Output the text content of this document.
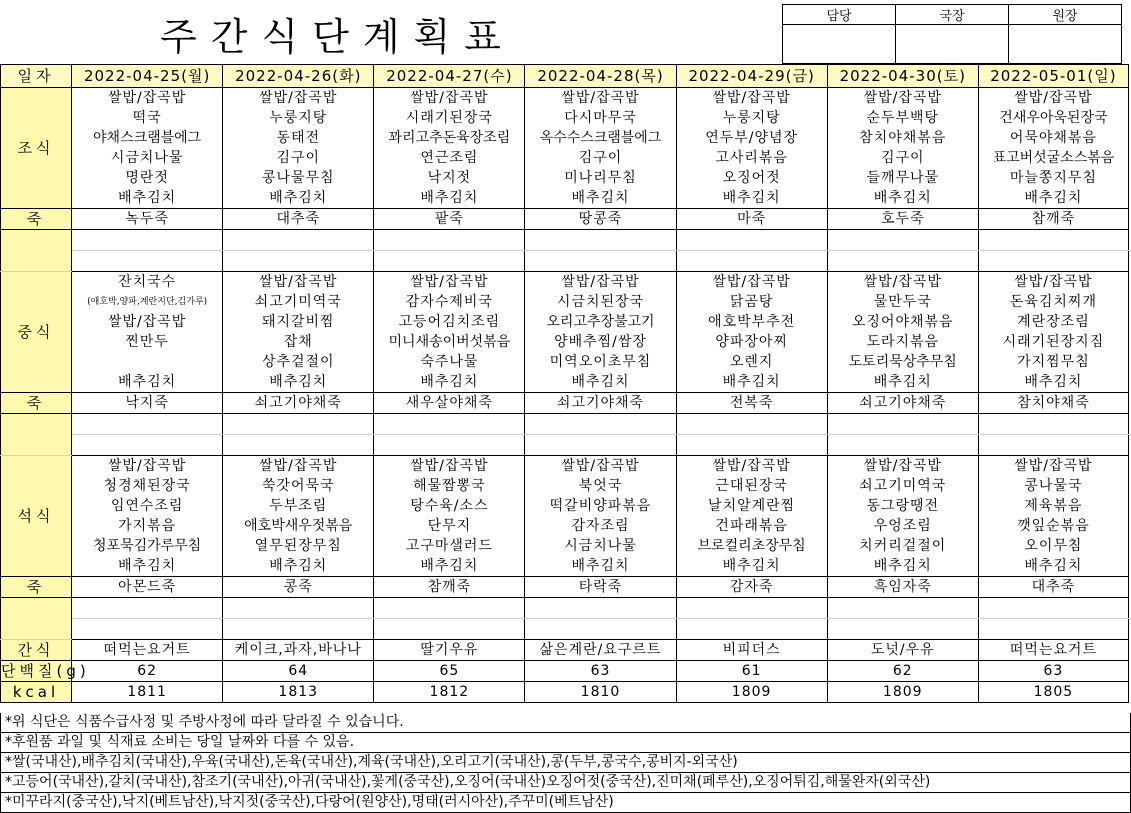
주간식단계획표	담당	국장	원장

일자	2022-04-25(월)	2022-04-26(화)	2022-04-27(수)	2022-04-28(목)	2022-04-29(금)	2022-04-30(토)	2022-05-01(일)
조식	쌀밥/잡곡밥	쌀밥/잡곡밥	쌀밥/잡곡밥	쌀밥/잡곡밥	쌀밥/잡곡밥	쌀밥/잡곡밥	쌀밥/잡곡밥
	떡국	누룽지탕	시래기된장국	다시마무국	누룽지탕	순두부백탕	건새우아욱된장국
	야채스크램블에그	동태전	꽈리고추돈육장조림	옥수수스크램블에그	연두부/양념장	참치야채볶음	어묵야채볶음
	시금치나물	김구이	연근조림	김구이	고사리볶음	김구이	표고버섯굴소스볶음
	명란젓	콩나물무침	낙지젓	미나리무침	오징어젓	들깨무나물	마늘쫑지무침
	배추김치	배추김치	배추김치	배추김치	배추김치	배추김치	배추김치
죽	녹두죽	대추죽	팥죽	땅콩죽	마죽	호두죽	참깨죽

중식	잔치국수	쌀밥/잡곡밥	쌀밥/잡곡밥	쌀밥/잡곡밥	쌀밥/잡곡밥	쌀밥/잡곡밥	쌀밥/잡곡밥
	(애호박,양파,계란지단,김가루)	쇠고기미역국	감자수제비국	시금치된장국	닭곰탕	물만두국	돈육김치찌개
	쌀밥/잡곡밥	돼지갈비찜	고등어김치조림	오리고추장불고기	애호박부추전	오징어야채볶음	계란장조림
	찐만두	잡채	미니새송이버섯볶음	양배추찜/쌈장	양파장아찌	도라지볶음	시래기된장지짐
		상추겉절이	숙주나물	미역오이초무침	오렌지	도토리묵상추무침	가지찜무침
	배추김치	배추김치	배추김치	배추김치	배추김치	배추김치	배추김치
죽	낙지죽	쇠고기야채죽	새우살야채죽	쇠고기야채죽	전복죽	쇠고기야채죽	참치야채죽

석식	쌀밥/잡곡밥	쌀밥/잡곡밥	쌀밥/잡곡밥	쌀밥/잡곡밥	쌀밥/잡곡밥	쌀밥/잡곡밥	쌀밥/잡곡밥
	청경채된장국	쑥갓어묵국	해물짬뽕국	북엇국	근대된장국	쇠고기미역국	콩나물국
	임연수조림	두부조림	탕수육/소스	떡갈비양파볶음	날치알계란찜	동그랑땡전	제육볶음
	가지볶음	애호박새우젓볶음	단무지	감자조림	건파래볶음	우엉조림	깻잎순볶음
	청포묵김가루무침	열무된장무침	고구마샐러드	시금치나물	브로컬리초장무침	치커리겉절이	오이무침
	배추김치	배추김치	배추김치	배추김치	배추김치	배추김치	배추김치
죽	아몬드죽	콩죽	참깨죽	타락죽	감자죽	흑임자죽	대추죽

간식	떠먹는요거트	케이크,과자,바나나	딸기우유	삶은계란/요구르트	비피더스	도넛/우유	떠먹는요거트
단백질(g)	62	64	65	63	61	62	63
kcal	1811	1813	1812	1810	1809	1809	1805
*위 식단은 식품수급사정 및 주방사정에 따라 달라질 수 있습니다.
*후원품 과일 및 식재료 소비는 당일 날짜와 다를 수 있음.
*쌀(국내산),배추김치(국내산),우육(국내산),돈육(국내산),계육(국내산),오리고기(국내산),콩(두부,콩국수,콩비지-외국산)
*고등어(국내산),갈치(국내산),참조기(국내산),아귀(국내산),꽃게(중국산),오징어(국내산)오징어젓(중국산),진미채(페루산),오징어튀김,해물완자(외국산)
*미꾸라지(중국산),낙지(베트남산),낙지젓(중국산),다랑어(원양산),명태(러시아산),주꾸미(베트남산)
